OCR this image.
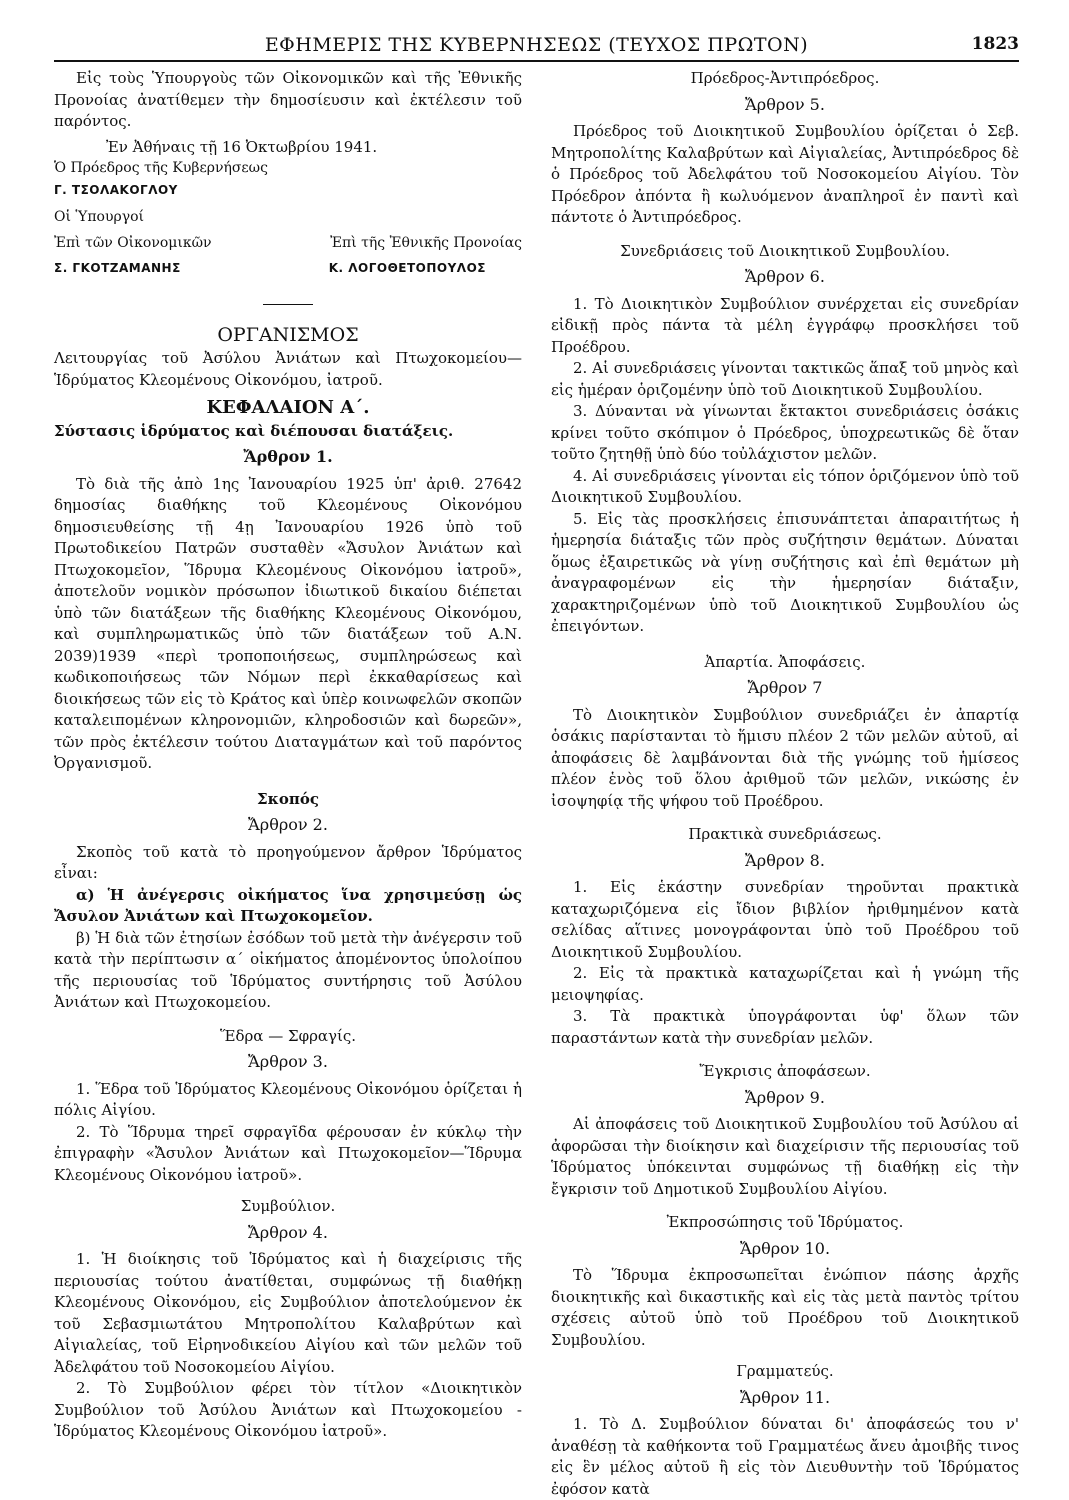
ΕΦΗΜΕΡΙΣ ΤΗΣ ΚΥΒΕΡΝΗΣΕΩΣ (ΤΕΥΧΟΣ ΠΡΩΤΟΝ)	1823

Εἰς τοὺς Ὑπουργοὺς τῶν Οἰκονομικῶν καὶ τῆς Ἐθνικῆς Προνοίας ἀνατίθεμεν τὴν δημοσίευσιν καὶ ἐκτέλεσιν τοῦ παρόντος.

Ἐν Ἀθήναις τῇ 16 Ὀκτωβρίου 1941.

Ὁ Πρόεδρος τῆς Κυβερνήσεως

Γ. ΤΣΟΛΑΚΟΓΛΟΥ

Οἱ Ὑπουργοί

Ἐπὶ τῶν Οἰκονομικῶν	Ἐπὶ τῆς Ἐθνικῆς Προνοίας
Σ. ΓΚΟΤΖΑΜΑΝΗΣ	Κ. ΛΟΓΟΘΕΤΟΠΟΥΛΟΣ
ΟΡΓΑΝΙΣΜΟΣ

Λειτουργίας τοῦ Ἀσύλου Ἀνιάτων καὶ Πτωχοκομείου— Ἱδρύματος Κλεομένους Οἰκονόμου, ἰατροῦ.

ΚΕΦΑΛΑΙΟΝ Α΄.

Σύστασις ἱδρύματος καὶ διέπουσαι διατάξεις.

Ἄρθρον 1.

Τὸ διὰ τῆς ἀπὸ 1ης Ἰανουαρίου 1925 ὑπ' ἀριθ. 27642 δημοσίας διαθήκης τοῦ Κλεομένους Οἰκονόμου δημοσιευθείσης τῇ 4ῃ Ἰανουαρίου 1926 ὑπὸ τοῦ Πρωτοδικείου Πατρῶν συσταθὲν «Ἄσυλον Ἀνιάτων καὶ Πτωχοκομεῖον, Ἵδρυμα Κλεομένους Οἰκονόμου ἰατροῦ», ἀποτελοῦν νομικὸν πρόσωπον ἰδιωτικοῦ δικαίου διέπεται ὑπὸ τῶν διατάξεων τῆς διαθήκης Κλεομένους Οἰκονόμου, καὶ συμπληρωματικῶς ὑπὸ τῶν διατάξεων τοῦ Α.Ν. 2039)1939 «περὶ τροποποιήσεως, συμπληρώσεως καὶ κωδικοποιήσεως τῶν Νόμων περὶ ἐκκαθαρίσεως καὶ διοικήσεως τῶν εἰς τὸ Κράτος καὶ ὑπὲρ κοινωφελῶν σκοπῶν καταλειπομένων κληρονομιῶν, κληροδοσιῶν καὶ δωρεῶν», τῶν πρὸς ἐκτέλεσιν τούτου Διαταγμάτων καὶ τοῦ παρόντος Ὀργανισμοῦ.

Σκοπός
Ἄρθρον 2.

Σκοπὸς τοῦ κατὰ τὸ προηγούμενον ἄρθρον Ἱδρύματος εἶναι:

α) Ἡ ἀνέγερσις οἰκήματος ἵνα χρησιμεύσῃ ὡς Ἄσυλον Ἀνιάτων καὶ Πτωχοκομεῖον.

β) Ἡ διὰ τῶν ἐτησίων ἐσόδων τοῦ μετὰ τὴν ἀνέγερσιν τοῦ κατὰ τὴν περίπτωσιν α΄ οἰκήματος ἀπομένοντος ὑπολοίπου τῆς περιουσίας τοῦ Ἱδρύματος συντήρησις τοῦ Ἀσύλου Ἀνιάτων καὶ Πτωχοκομείου.

Ἕδρα — Σφραγίς.
Ἄρθρον 3.

1. Ἕδρα τοῦ Ἱδρύματος Κλεομένους Οἰκονόμου ὁρίζεται ἡ πόλις Αἰγίου.

2. Τὸ Ἵδρυμα τηρεῖ σφραγῖδα φέρουσαν ἐν κύκλῳ τὴν ἐπιγραφὴν «Ἄσυλον Ἀνιάτων καὶ Πτωχοκομεῖον—Ἵδρυμα Κλεομένους Οἰκονόμου ἰατροῦ».

Συμβούλιον.
Ἄρθρον 4.

1. Ἡ διοίκησις τοῦ Ἱδρύματος καὶ ἡ διαχείρισις τῆς περιουσίας τούτου ἀνατίθεται, συμφώνως τῇ διαθήκῃ Κλεομένους Οἰκονόμου, εἰς Συμβούλιον ἀποτελούμενον ἐκ τοῦ Σεβασμιωτάτου Μητροπολίτου Καλαβρύτων καὶ Αἰγιαλείας, τοῦ Εἰρηνοδικείου Αἰγίου καὶ τῶν μελῶν τοῦ Ἀδελφάτου τοῦ Νοσοκομείου Αἰγίου.

2. Τὸ Συμβούλιον φέρει τὸν τίτλον «Διοικητικὸν Συμβούλιον τοῦ Ἀσύλου Ἀνιάτων καὶ Πτωχοκομείου - Ἱδρύματος Κλεομένους Οἰκονόμου ἰατροῦ».

Πρόεδρος-Ἀντιπρόεδρος.
Ἄρθρον 5.

Πρόεδρος τοῦ Διοικητικοῦ Συμβουλίου ὁρίζεται ὁ Σεβ. Μητροπολίτης Καλαβρύτων καὶ Αἰγιαλείας, Ἀντιπρόεδρος δὲ ὁ Πρόεδρος τοῦ Ἀδελφάτου τοῦ Νοσοκομείου Αἰγίου. Τὸν Πρόεδρον ἀπόντα ἢ κωλυόμενον ἀναπληροῖ ἐν παντὶ καὶ πάντοτε ὁ Ἀντιπρόεδρος.

Συνεδριάσεις τοῦ Διοικητικοῦ Συμβουλίου.
Ἄρθρον 6.

1. Τὸ Διοικητικὸν Συμβούλιον συνέρχεται εἰς συνεδρίαν εἰδικῇ πρὸς πάντα τὰ μέλη ἐγγράφῳ προσκλήσει τοῦ Προέδρου.

2. Αἱ συνεδριάσεις γίνονται τακτικῶς ἅπαξ τοῦ μηνὸς καὶ εἰς ἡμέραν ὁριζομένην ὑπὸ τοῦ Διοικητικοῦ Συμβουλίου.

3. Δύνανται νὰ γίνωνται ἔκτακτοι συνεδριάσεις ὁσάκις κρίνει τοῦτο σκόπιμον ὁ Πρόεδρος, ὑποχρεωτικῶς δὲ ὅταν τοῦτο ζητηθῇ ὑπὸ δύο τοὐλάχιστον μελῶν.

4. Αἱ συνεδριάσεις γίνονται εἰς τόπον ὁριζόμενον ὑπὸ τοῦ Διοικητικοῦ Συμβουλίου.

5. Εἰς τὰς προσκλήσεις ἐπισυνάπτεται ἀπαραιτήτως ἡ ἡμερησία διάταξις τῶν πρὸς συζήτησιν θεμάτων. Δύναται ὅμως ἐξαιρετικῶς νὰ γίνῃ συζήτησις καὶ ἐπὶ θεμάτων μὴ ἀναγραφομένων εἰς τὴν ἡμερησίαν διάταξιν, χαρακτηριζομένων ὑπὸ τοῦ Διοικητικοῦ Συμβουλίου ὡς ἐπειγόντων.

Ἀπαρτία. Ἀποφάσεις.
Ἄρθρον 7

Τὸ Διοικητικὸν Συμβούλιον συνεδριάζει ἐν ἀπαρτίᾳ ὁσάκις παρίστανται τὸ ἥμισυ πλέον 2 τῶν μελῶν αὐτοῦ, αἱ ἀποφάσεις δὲ λαμβάνονται διὰ τῆς γνώμης τοῦ ἡμίσεος πλέον ἑνὸς τοῦ ὅλου ἀριθμοῦ τῶν μελῶν, νικώσης ἐν ἰσοψηφίᾳ τῆς ψήφου τοῦ Προέδρου.

Πρακτικὰ συνεδριάσεως.
Ἄρθρον 8.

1. Εἰς ἑκάστην συνεδρίαν τηροῦνται πρακτικὰ καταχωριζόμενα εἰς ἴδιον βιβλίον ἠριθμημένον κατὰ σελίδας αἵτινες μονογράφονται ὑπὸ τοῦ Προέδρου τοῦ Διοικητικοῦ Συμβουλίου.

2. Εἰς τὰ πρακτικὰ καταχωρίζεται καὶ ἡ γνώμη τῆς μειοψηφίας.

3. Τὰ πρακτικὰ ὑπογράφονται ὑφ' ὅλων τῶν παραστάντων κατὰ τὴν συνεδρίαν μελῶν.

Ἔγκρισις ἀποφάσεων.
Ἄρθρον 9.

Αἱ ἀποφάσεις τοῦ Διοικητικοῦ Συμβουλίου τοῦ Ἀσύλου αἱ ἀφορῶσαι τὴν διοίκησιν καὶ διαχείρισιν τῆς περιουσίας τοῦ Ἱδρύματος ὑπόκεινται συμφώνως τῇ διαθήκῃ εἰς τὴν ἔγκρισιν τοῦ Δημοτικοῦ Συμβουλίου Αἰγίου.

Ἐκπροσώπησις τοῦ Ἱδρύματος.
Ἄρθρον 10.

Τὸ Ἵδρυμα ἐκπροσωπεῖται ἐνώπιον πάσης ἀρχῆς διοικητικῆς καὶ δικαστικῆς καὶ εἰς τὰς μετὰ παντὸς τρίτου σχέσεις αὐτοῦ ὑπὸ τοῦ Προέδρου τοῦ Διοικητικοῦ Συμβουλίου.

Γραμματεύς.
Ἄρθρον 11.

1. Τὸ Δ. Συμβούλιον δύναται δι' ἀποφάσεώς του ν' ἀναθέσῃ τὰ καθήκοντα τοῦ Γραμματέως ἄνευ ἀμοιβῆς τινος εἰς ἓν μέλος αὐτοῦ ἢ εἰς τὸν Διευθυντὴν τοῦ Ἱδρύματος ἐφόσον κατὰ
